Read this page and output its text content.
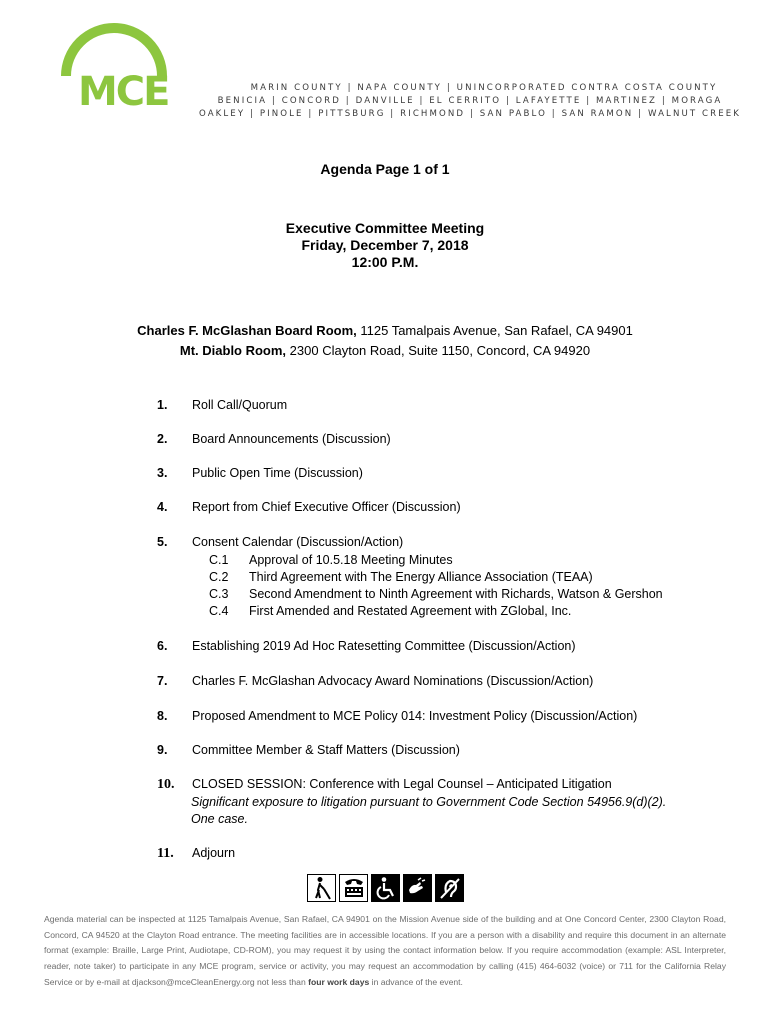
MCE	MARIN COUNTY | NAPA COUNTY | UNINCORPORATED CONTRA COSTA COUNTY
BENICIA | CONCORD | DANVILLE | EL CERRITO | LAFAYETTE | MARTINEZ | MORAGA
OAKLEY | PINOLE | PITTSBURG | RICHMOND | SAN PABLO | SAN RAMON | WALNUT CREEK
Agenda Page 1 of 1
Executive Committee Meeting
Friday, December 7, 2018
12:00 P.M.
Charles F. McGlashan Board Room, 1125 Tamalpais Avenue, San Rafael, CA 94901
Mt. Diablo Room, 2300 Clayton Road, Suite 1150, Concord, CA 94920
1.	Roll Call/Quorum
2.	Board Announcements (Discussion)
3.	Public Open Time (Discussion)
4.	Report from Chief Executive Officer (Discussion)
5.	Consent Calendar (Discussion/Action)
C.1 Approval of 10.5.18 Meeting Minutes
C.2 Third Agreement with The Energy Alliance Association (TEAA)
C.3 Second Amendment to Ninth Agreement with Richards, Watson & Gershon
C.4 First Amended and Restated Agreement with ZGlobal, Inc.
6.	Establishing 2019 Ad Hoc Ratesetting Committee (Discussion/Action)
7.	Charles F. McGlashan Advocacy Award Nominations (Discussion/Action)
8.	Proposed Amendment to MCE Policy 014: Investment Policy (Discussion/Action)
9.	Committee Member & Staff Matters (Discussion)
10.	CLOSED SESSION: Conference with Legal Counsel – Anticipated Litigation
Significant exposure to litigation pursuant to Government Code Section 54956.9(d)(2).
One case.
11.	Adjourn
Agenda material can be inspected at 1125 Tamalpais Avenue, San Rafael, CA 94901 on the Mission Avenue side of the building and at One Concord Center, 2300 Clayton Road, Concord, CA 94520 at the Clayton Road entrance. The meeting facilities are in accessible locations. If you are a person with a disability and require this document in an alternate format (example: Braille, Large Print, Audiotape, CD-ROM), you may request it by using the contact information below. If you require accommodation (example: ASL Interpreter, reader, note taker) to participate in any MCE program, service or activity, you may request an accommodation by calling (415) 464-6032 (voice) or 711 for the California Relay Service or by e-mail at djackson@mceCleanEnergy.org not less than four work days in advance of the event.
